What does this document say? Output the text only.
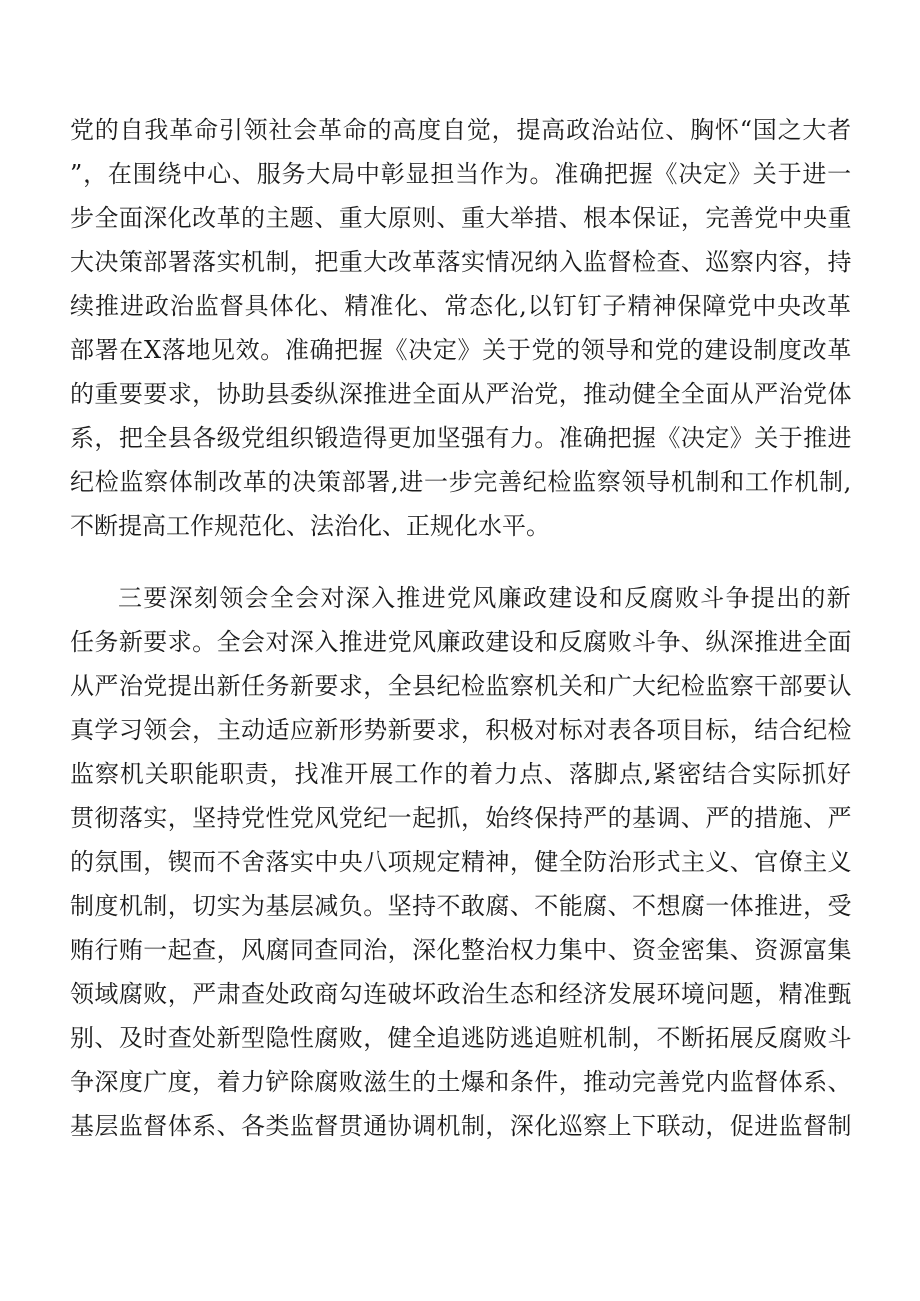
党的自我革命引领社会革命的高度自觉，提高政治站位、胸怀“国之大者
”，在围绕中心、服务大局中彰显担当作为。准确把握《决定》关于进一
步全面深化改革的主题、重大原则、重大举措、根本保证，完善党中央重
大决策部署落实机制，把重大改革落实情况纳入监督检查、巡察内容，持
续推进政治监督具体化、精准化、常态化,以钉钉子精神保障党中央改革
部署在X落地见效。准确把握《决定》关于党的领导和党的建设制度改革
的重要要求，协助县委纵深推进全面从严治党，推动健全全面从严治党体
系，把全县各级党组织锻造得更加坚强有力。准确把握《决定》关于推进
纪检监察体制改革的决策部署,进一步完善纪检监察领导机制和工作机制,
不断提高工作规范化、法治化、正规化水平。
三要深刻领会全会对深入推进党风廉政建设和反腐败斗争提出的新
任务新要求。全会对深入推进党风廉政建设和反腐败斗争、纵深推进全面
从严治党提出新任务新要求，全县纪检监察机关和广大纪检监察干部要认
真学习领会，主动适应新形势新要求，积极对标对表各项目标，结合纪检
监察机关职能职责，找准开展工作的着力点、落脚点,紧密结合实际抓好
贯彻落实，坚持党性党风党纪一起抓，始终保持严的基调、严的措施、严
的氛围，锲而不舍落实中央八项规定精神，健全防治形式主义、官僚主义
制度机制，切实为基层减负。坚持不敢腐、不能腐、不想腐一体推进，受
贿行贿一起查，风腐同查同治，深化整治权力集中、资金密集、资源富集
领域腐败，严肃查处政商勾连破坏政治生态和经济发展环境问题，精准甄
别、及时查处新型隐性腐败，健全追逃防逃追赃机制，不断拓展反腐败斗
争深度广度，着力铲除腐败滋生的土爆和条件，推动完善党内监督体系、
基层监督体系、各类监督贯通协调机制，深化巡察上下联动，促进监督制
